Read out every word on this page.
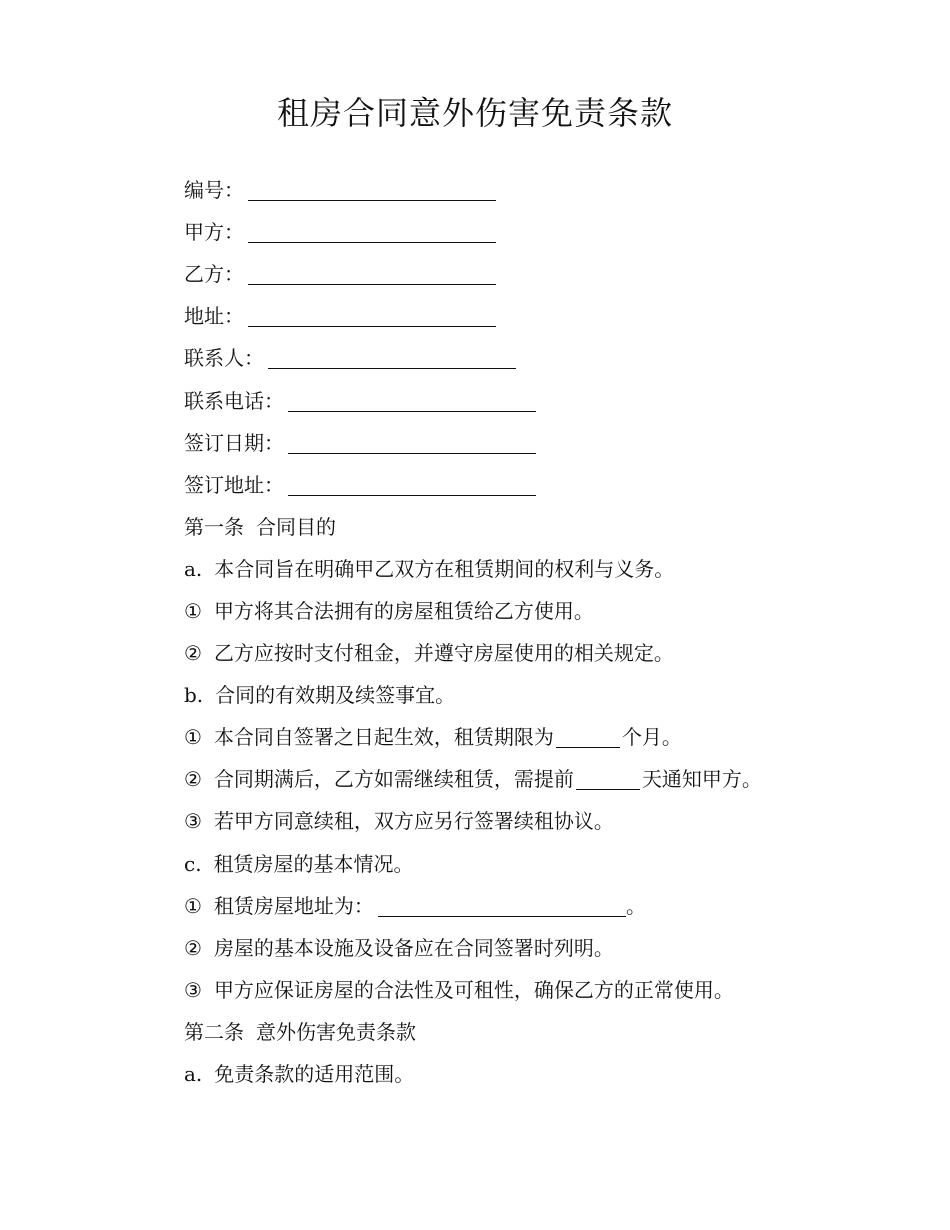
租房合同意外伤害免责条款
编号：
甲方：
乙方：
地址：
联系人：
联系电话：
签订日期：
签订地址：
第一条 合同目的
a. 本合同旨在明确甲乙双方在租赁期间的权利与义务。
① 甲方将其合法拥有的房屋租赁给乙方使用。
② 乙方应按时支付租金，并遵守房屋使用的相关规定。
b. 合同的有效期及续签事宜。
① 本合同自签署之日起生效，租赁期限为	个月。
② 合同期满后，乙方如需继续租赁，需提前	天通知甲方。
③ 若甲方同意续租，双方应另行签署续租协议。
c. 租赁房屋的基本情况。
① 租赁房屋地址为：	。
② 房屋的基本设施及设备应在合同签署时列明。
③ 甲方应保证房屋的合法性及可租性，确保乙方的正常使用。
第二条 意外伤害免责条款
a. 免责条款的适用范围。
